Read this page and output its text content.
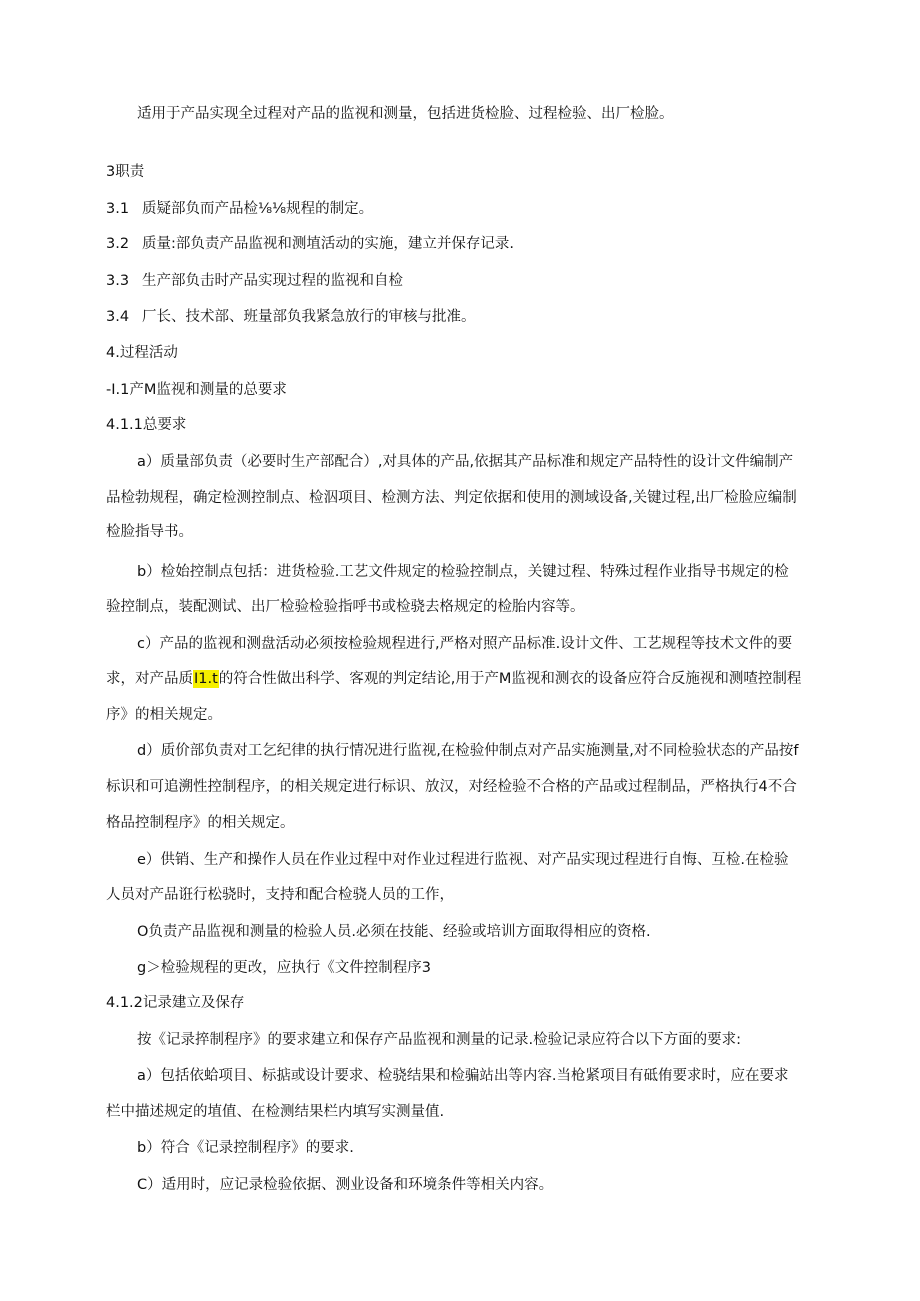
适用于产品实现全过程对产品的监视和测量，包括进货检脸、过程检验、出厂检脸。
3职责
3.1 质疑部负而产品检⅛⅛规程的制定。
3.2 质量:部负责产品监视和测埴活动的实施，建立并保存记录.
3.3 生产部负击时产品实现过程的监视和自检
3.4 厂长、技术部、班量部负我紧急放行的审核与批准。
4.过程活动
-I.1产M监视和测量的总要求
4.1.1总要求
a）质量部负责（必要时生产部配合）,对具体的产品,依据其产品标准和规定产品特性的设计文件编制产
品检勃规程，确定检测控制点、检泅项目、检测方法、判定依据和使用的测域设备,关键过程,出厂检脸应编制
检脸指导书。
b）检始控制点包括：进货检验.工艺文件规定的检验控制点，关键过程、特殊过程作业指导书规定的检
验控制点，装配测试、出厂检验检验指呼书或检骁去格规定的检胎内容等。
c）产品的监视和测盘活动必须按检验规程进行,严格对照产品标准.设计文件、工艺规程等技术文件的要
求，对产品质I1.t的符合性做出科学、客观的判定结论,用于产M监视和测衣的设备应符合反施视和测喳控制程
序》的相关规定。
d）质价部负责对工乞纪律的执行情况进行监视,在检验仲制点对产品实施测量,对不同检验状态的产品按f
标识和可追溯性控制程序，的相关规定进行标识、放汉，对经检验不合格的产品或过程制品，严格执行4不合
格品控制程序》的相关规定。
e）供销、生产和操作人员在作业过程中对作业过程进行监视、对产品实现过程进行自悔、互检.在检验
人员对产品诳行松骁时，支持和配合检骁人员的工作，
O负责产品监视和测量的检验人员.必须在技能、经验或培训方面取得相应的资格.
g＞检验规程的更改，应执行《文件控制程序3
4.1.2记录建立及保存
按《记录捽制程序》的要求建立和保存产品监视和测量的记录.检验记录应符合以下方面的要求:
a）包括依蛤项目、标掂或设计要求、检骁结果和检骗站出等内容.当枪紧项目有砥侑要求时，应在要求
栏中描述规定的埴值、在检测结果栏内填写实测量值.
b）符合《记录控制程序》的要求.
C）适用时，应记录检验依据、测业设备和环境条件等相关内容。
